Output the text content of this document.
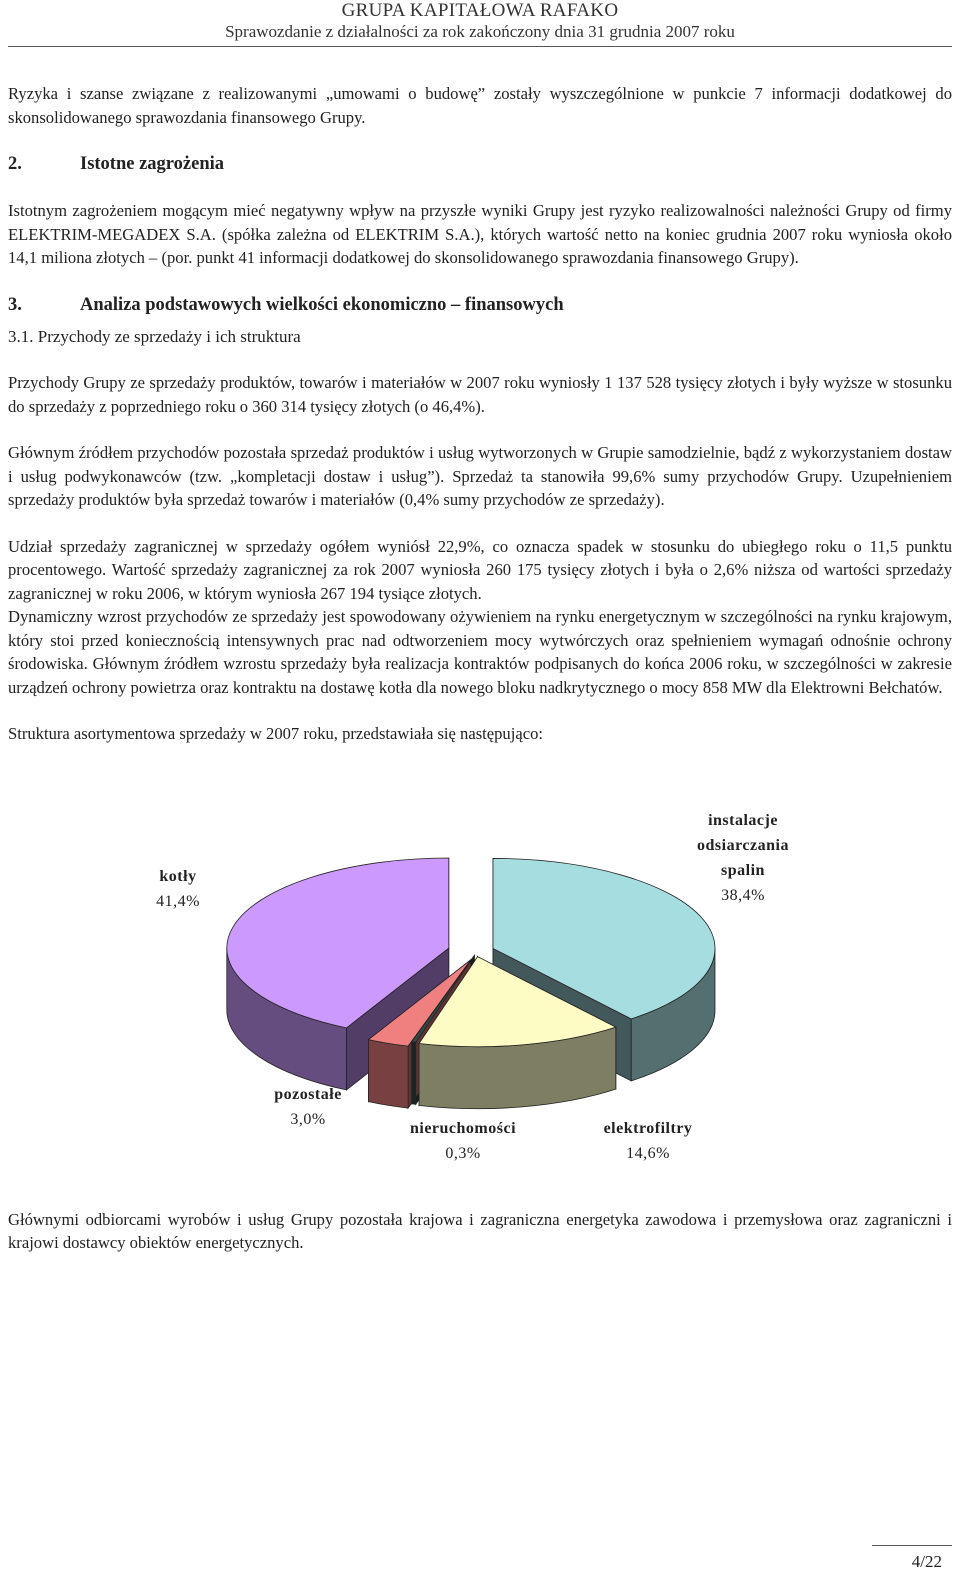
GRUPA KAPITAŁOWA RAFAKO
Sprawozdanie z działalności za rok zakończony dnia 31 grudnia 2007 roku

Ryzyka i szanse związane z realizowanymi „umowami o budowę” zostały wyszczególnione w punkcie 7 informacji dodatkowej do skonsolidowanego sprawozdania finansowego Grupy.

2.	Istotne zagrożenia

Istotnym zagrożeniem mogącym mieć negatywny wpływ na przyszłe wyniki Grupy jest ryzyko realizowalności należności Grupy od firmy ELEKTRIM-MEGADEX S.A. (spółka zależna od ELEKTRIM S.A.), których wartość netto na koniec grudnia 2007 roku wyniosła około 14,1 miliona złotych – (por. punkt 41 informacji dodatkowej do skonsolidowanego sprawozdania finansowego Grupy).

3.	Analiza podstawowych wielkości ekonomiczno – finansowych

3.1. Przychody ze sprzedaży i ich struktura

Przychody Grupy ze sprzedaży produktów, towarów i materiałów w 2007 roku wyniosły 1 137 528 tysięcy złotych i były wyższe w stosunku do sprzedaży z poprzedniego roku o 360 314 tysięcy złotych (o 46,4%).

Głównym źródłem przychodów pozostała sprzedaż produktów i usług wytworzonych w Grupie samodzielnie, bądź z wykorzystaniem dostaw i usług podwykonawców (tzw. „kompletacji dostaw i usług”). Sprzedaż ta stanowiła 99,6% sumy przychodów Grupy. Uzupełnieniem sprzedaży produktów była sprzedaż towarów i materiałów (0,4% sumy przychodów ze sprzedaży).

Udział sprzedaży zagranicznej w sprzedaży ogółem wyniósł 22,9%, co oznacza spadek w stosunku do ubiegłego roku o 11,5 punktu procentowego. Wartość sprzedaży zagranicznej za rok 2007 wyniosła 260 175 tysięcy złotych i była o 2,6% niższa od wartości sprzedaży zagranicznej w roku 2006, w którym wyniosła 267 194 tysiące złotych.

Dynamiczny wzrost przychodów ze sprzedaży jest spowodowany ożywieniem na rynku energetycznym w szczególności na rynku krajowym, który stoi przed koniecznością intensywnych prac nad odtworzeniem mocy wytwórczych oraz spełnieniem wymagań odnośnie ochrony środowiska. Głównym źródłem wzrostu sprzedaży była realizacja kontraktów podpisanych do końca 2006 roku, w szczególności w zakresie urządzeń ochrony powietrza oraz kontraktu na dostawę kotła dla nowego bloku nadkrytycznego o mocy 858 MW dla Elektrowni Bełchatów.

Struktura asortymentowa sprzedaży w 2007 roku, przedstawiała się następująco:

instalacje
odsiarczania
spalin
38,4%
elektrofiltry
14,6%
nieruchomości
0,3%
pozostałe
3,0%
kotły
41,4%

Głównymi odbiorcami wyrobów i usług Grupy pozostała krajowa i zagraniczna energetyka zawodowa i przemysłowa oraz zagraniczni i krajowi dostawcy obiektów energetycznych.

4/22
